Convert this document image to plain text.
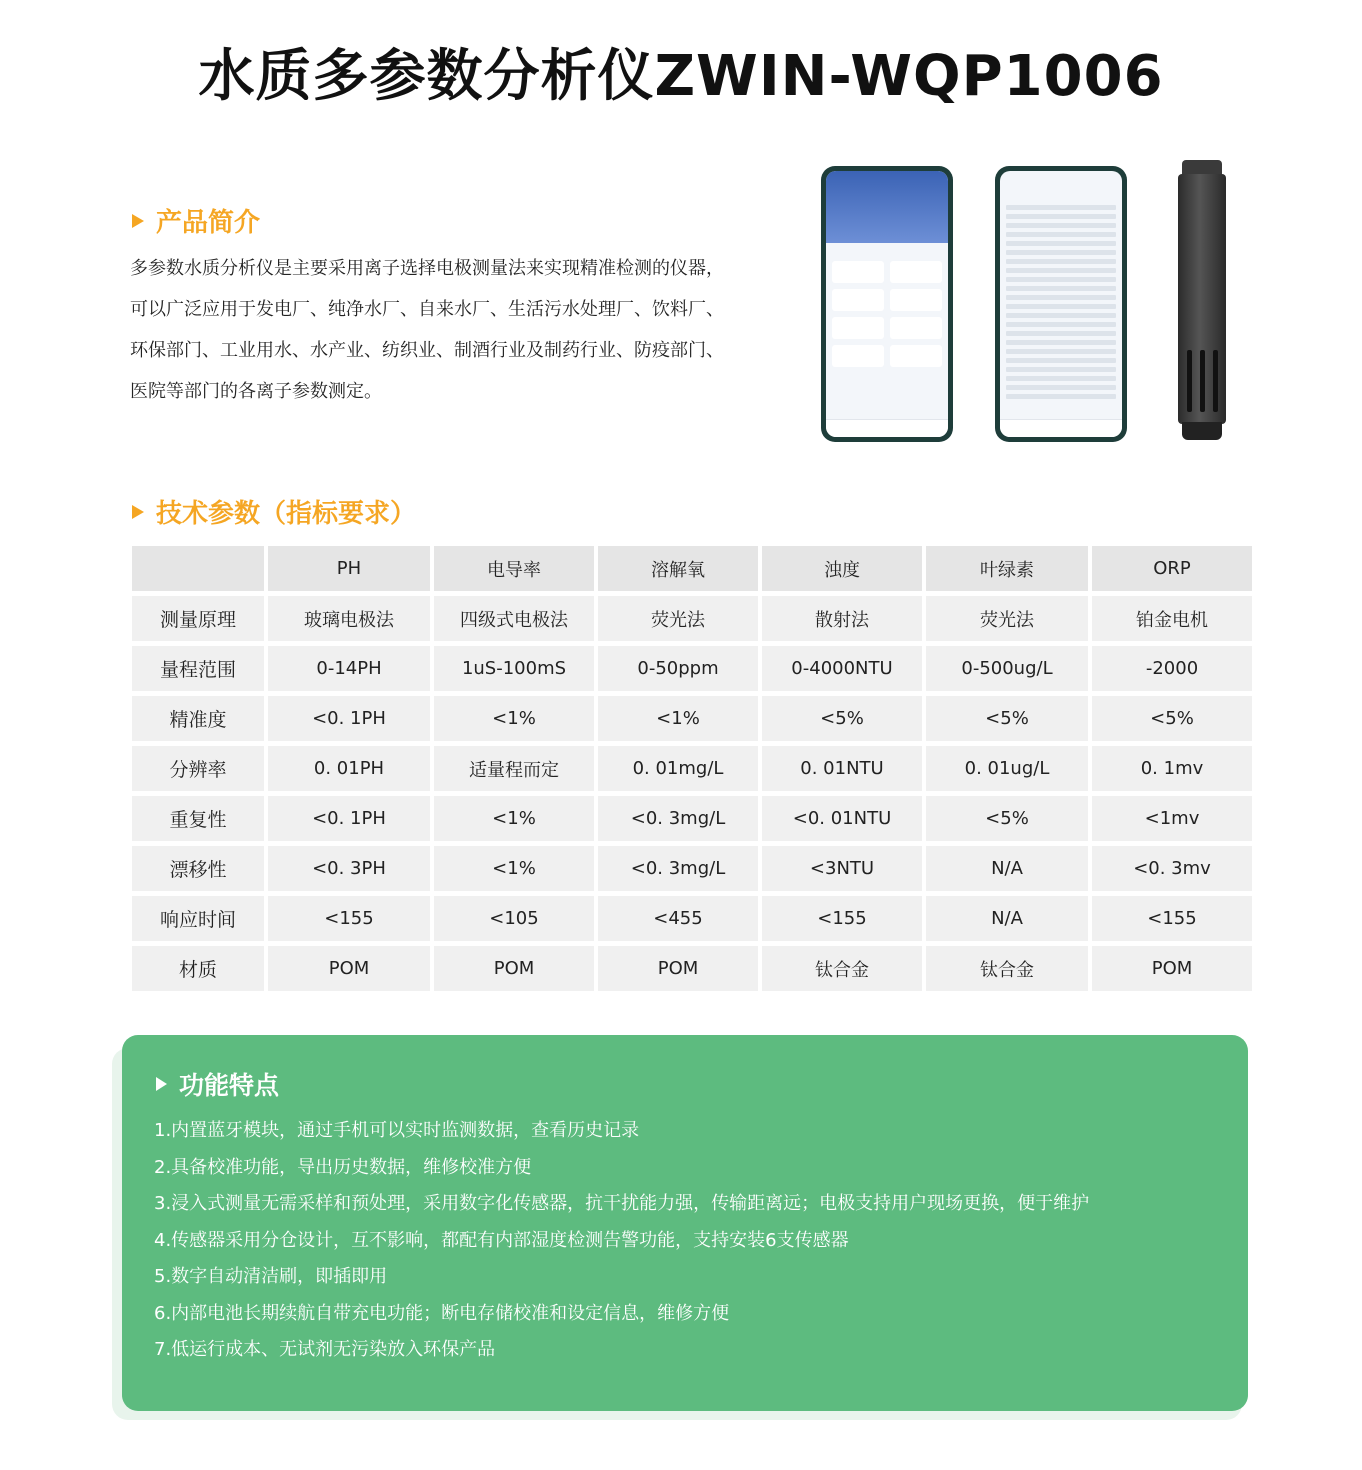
水质多参数分析仪ZWIN-WQP1006
产品简介
多参数水质分析仪是主要采用离子选择电极测量法来实现精准检测的仪器，
可以广泛应用于发电厂、纯净水厂、自来水厂、生活污水处理厂、饮料厂、
环保部门、工业用水、水产业、纺织业、制酒行业及制药行业、防疫部门、
医院等部门的各离子参数测定。
技术参数（指标要求）
	PH	电导率	溶解氧	浊度	叶绿素	ORP
测量原理	玻璃电极法	四级式电极法	荧光法	散射法	荧光法	铂金电机
量程范围	0-14PH	1uS-100mS	0-50ppm	0-4000NTU	0-500ug/L	-2000
精准度	<0. 1PH	<1%	<1%	<5%	<5%	<5%
分辨率	0. 01PH	适量程而定	0. 01mg/L	0. 01NTU	0. 01ug/L	0. 1mv
重复性	<0. 1PH	<1%	<0. 3mg/L	<0. 01NTU	<5%	<1mv
漂移性	<0. 3PH	<1%	<0. 3mg/L	<3NTU	N/A	<0. 3mv
响应时间	<155	<105	<455	<155	N/A	<155
材质	POM	POM	POM	钛合金	钛合金	POM
功能特点
1.内置蓝牙模块，通过手机可以实时监测数据，查看历史记录
2.具备校准功能，导出历史数据，维修校准方便
3.浸入式测量无需采样和预处理，采用数字化传感器，抗干扰能力强，传输距离远；电极支持用户现场更换，便于维护
4.传感器采用分仓设计，互不影响，都配有内部湿度检测告警功能，支持安装6支传感器
5.数字自动清洁刷，即插即用
6.内部电池长期续航自带充电功能；断电存储校准和设定信息，维修方便
7.低运行成本、无试剂无污染放入环保产品
